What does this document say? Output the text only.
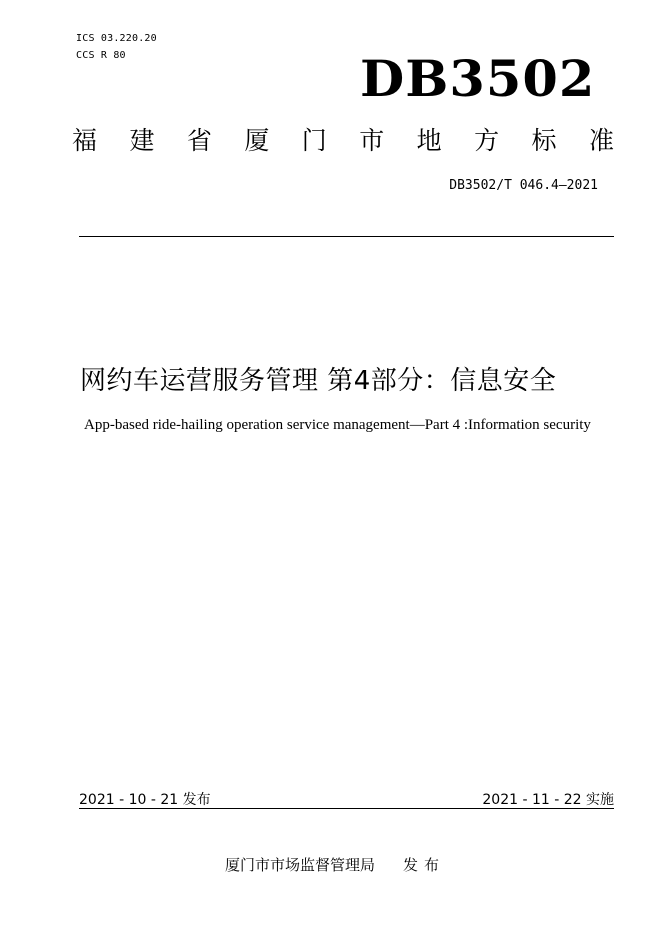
ICS 03.220.20
CCS R 80	DB3502
福 建 省 厦 门 市 地 方 标 准
DB3502/T 046.4—2021
网约车运营服务管理 第4部分：信息安全
App-based ride-hailing operation service management—Part 4 :Information security
2021 - 10 - 21 发布	2021 - 11 - 22 实施
厦门市市场监督管理局 发布
